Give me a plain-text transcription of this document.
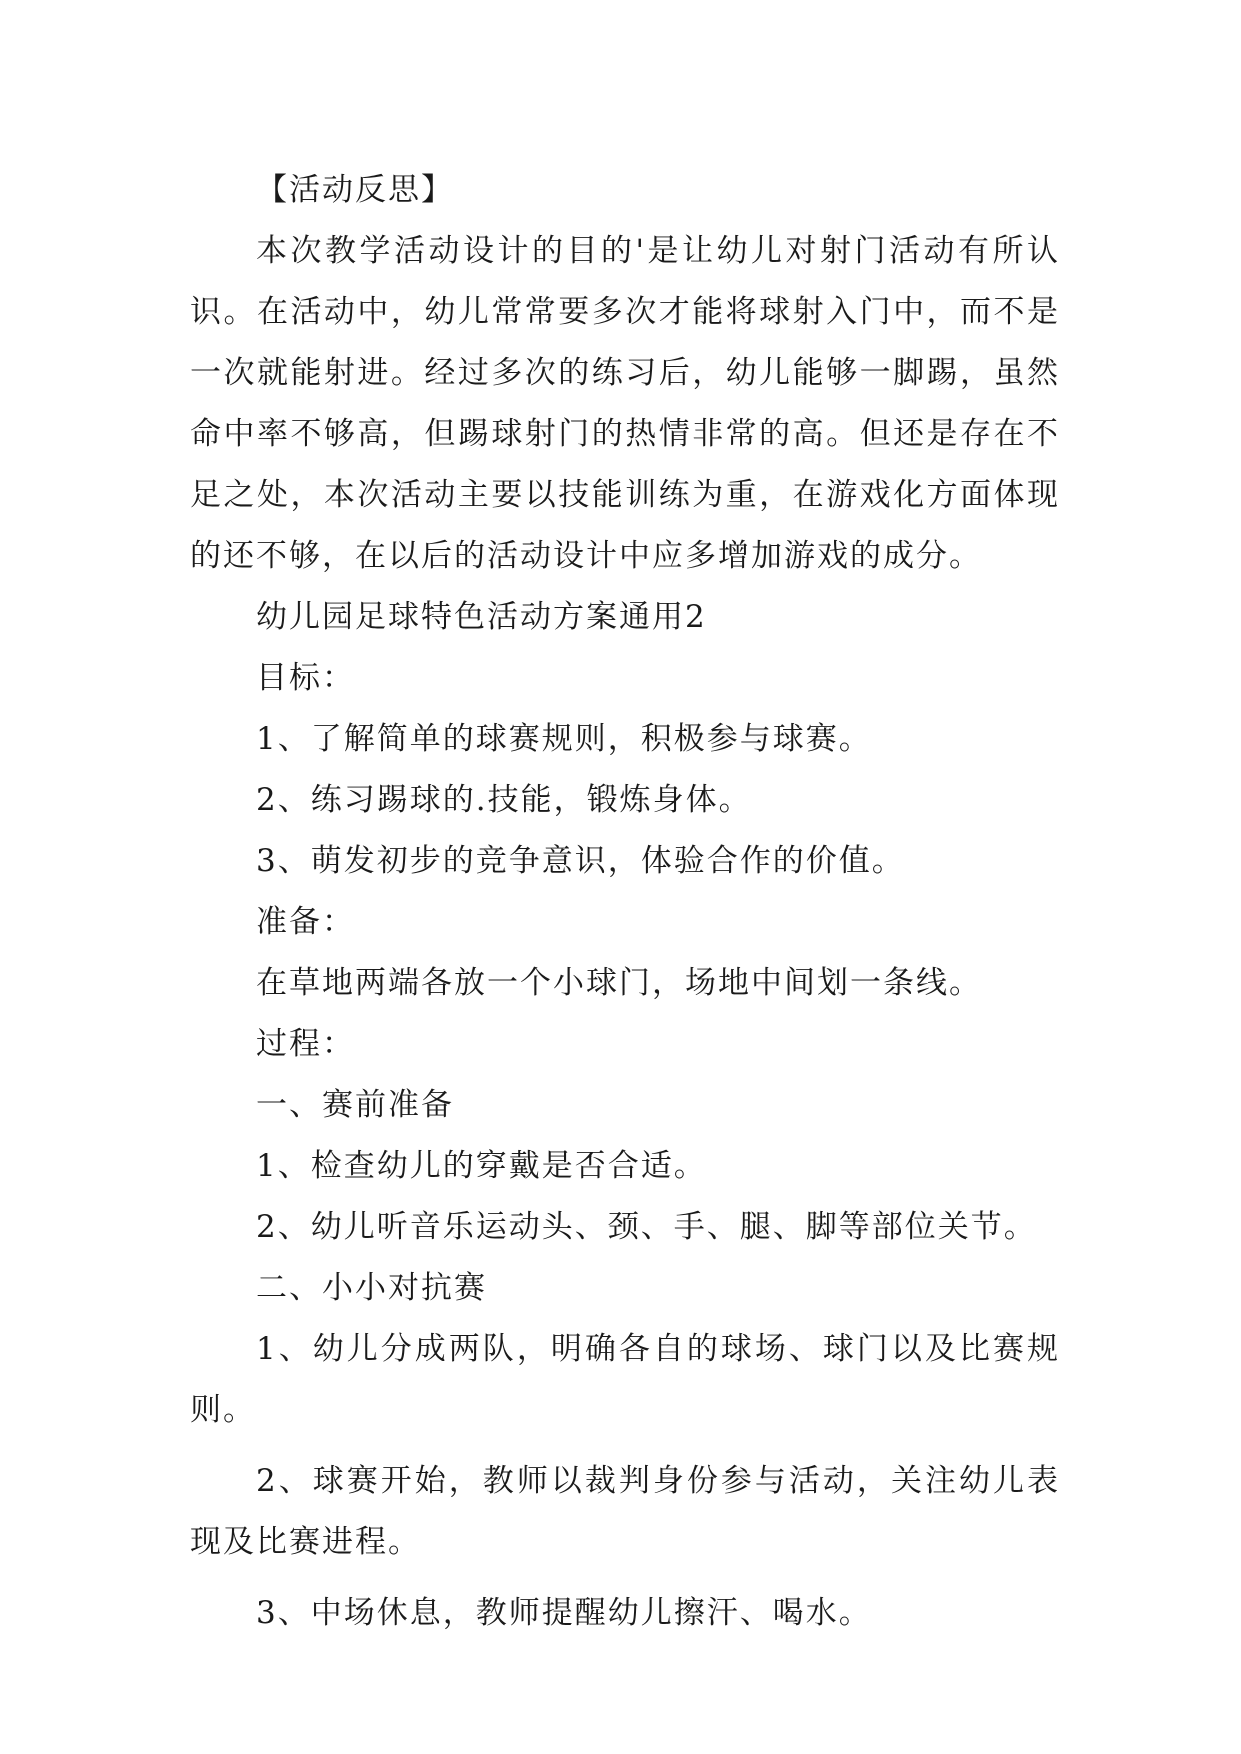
【活动反思】

本次教学活动设计的目的'是让幼儿对射门活动有所认识。在活动中，幼儿常常要多次才能将球射入门中，而不是一次就能射进。经过多次的练习后，幼儿能够一脚踢，虽然命中率不够高，但踢球射门的热情非常的高。但还是存在不足之处，本次活动主要以技能训练为重，在游戏化方面体现的还不够，在以后的活动设计中应多增加游戏的成分。

幼儿园足球特色活动方案通用2

目标：

1、了解简单的球赛规则，积极参与球赛。

2、练习踢球的.技能，锻炼身体。

3、萌发初步的竞争意识，体验合作的价值。

准备：

在草地两端各放一个小球门，场地中间划一条线。

过程：

一、赛前准备

1、检查幼儿的穿戴是否合适。

2、幼儿听音乐运动头、颈、手、腿、脚等部位关节。

二、小小对抗赛

1、幼儿分成两队，明确各自的球场、球门以及比赛规则。

2、球赛开始，教师以裁判身份参与活动，关注幼儿表现及比赛进程。

3、中场休息，教师提醒幼儿擦汗、喝水。
